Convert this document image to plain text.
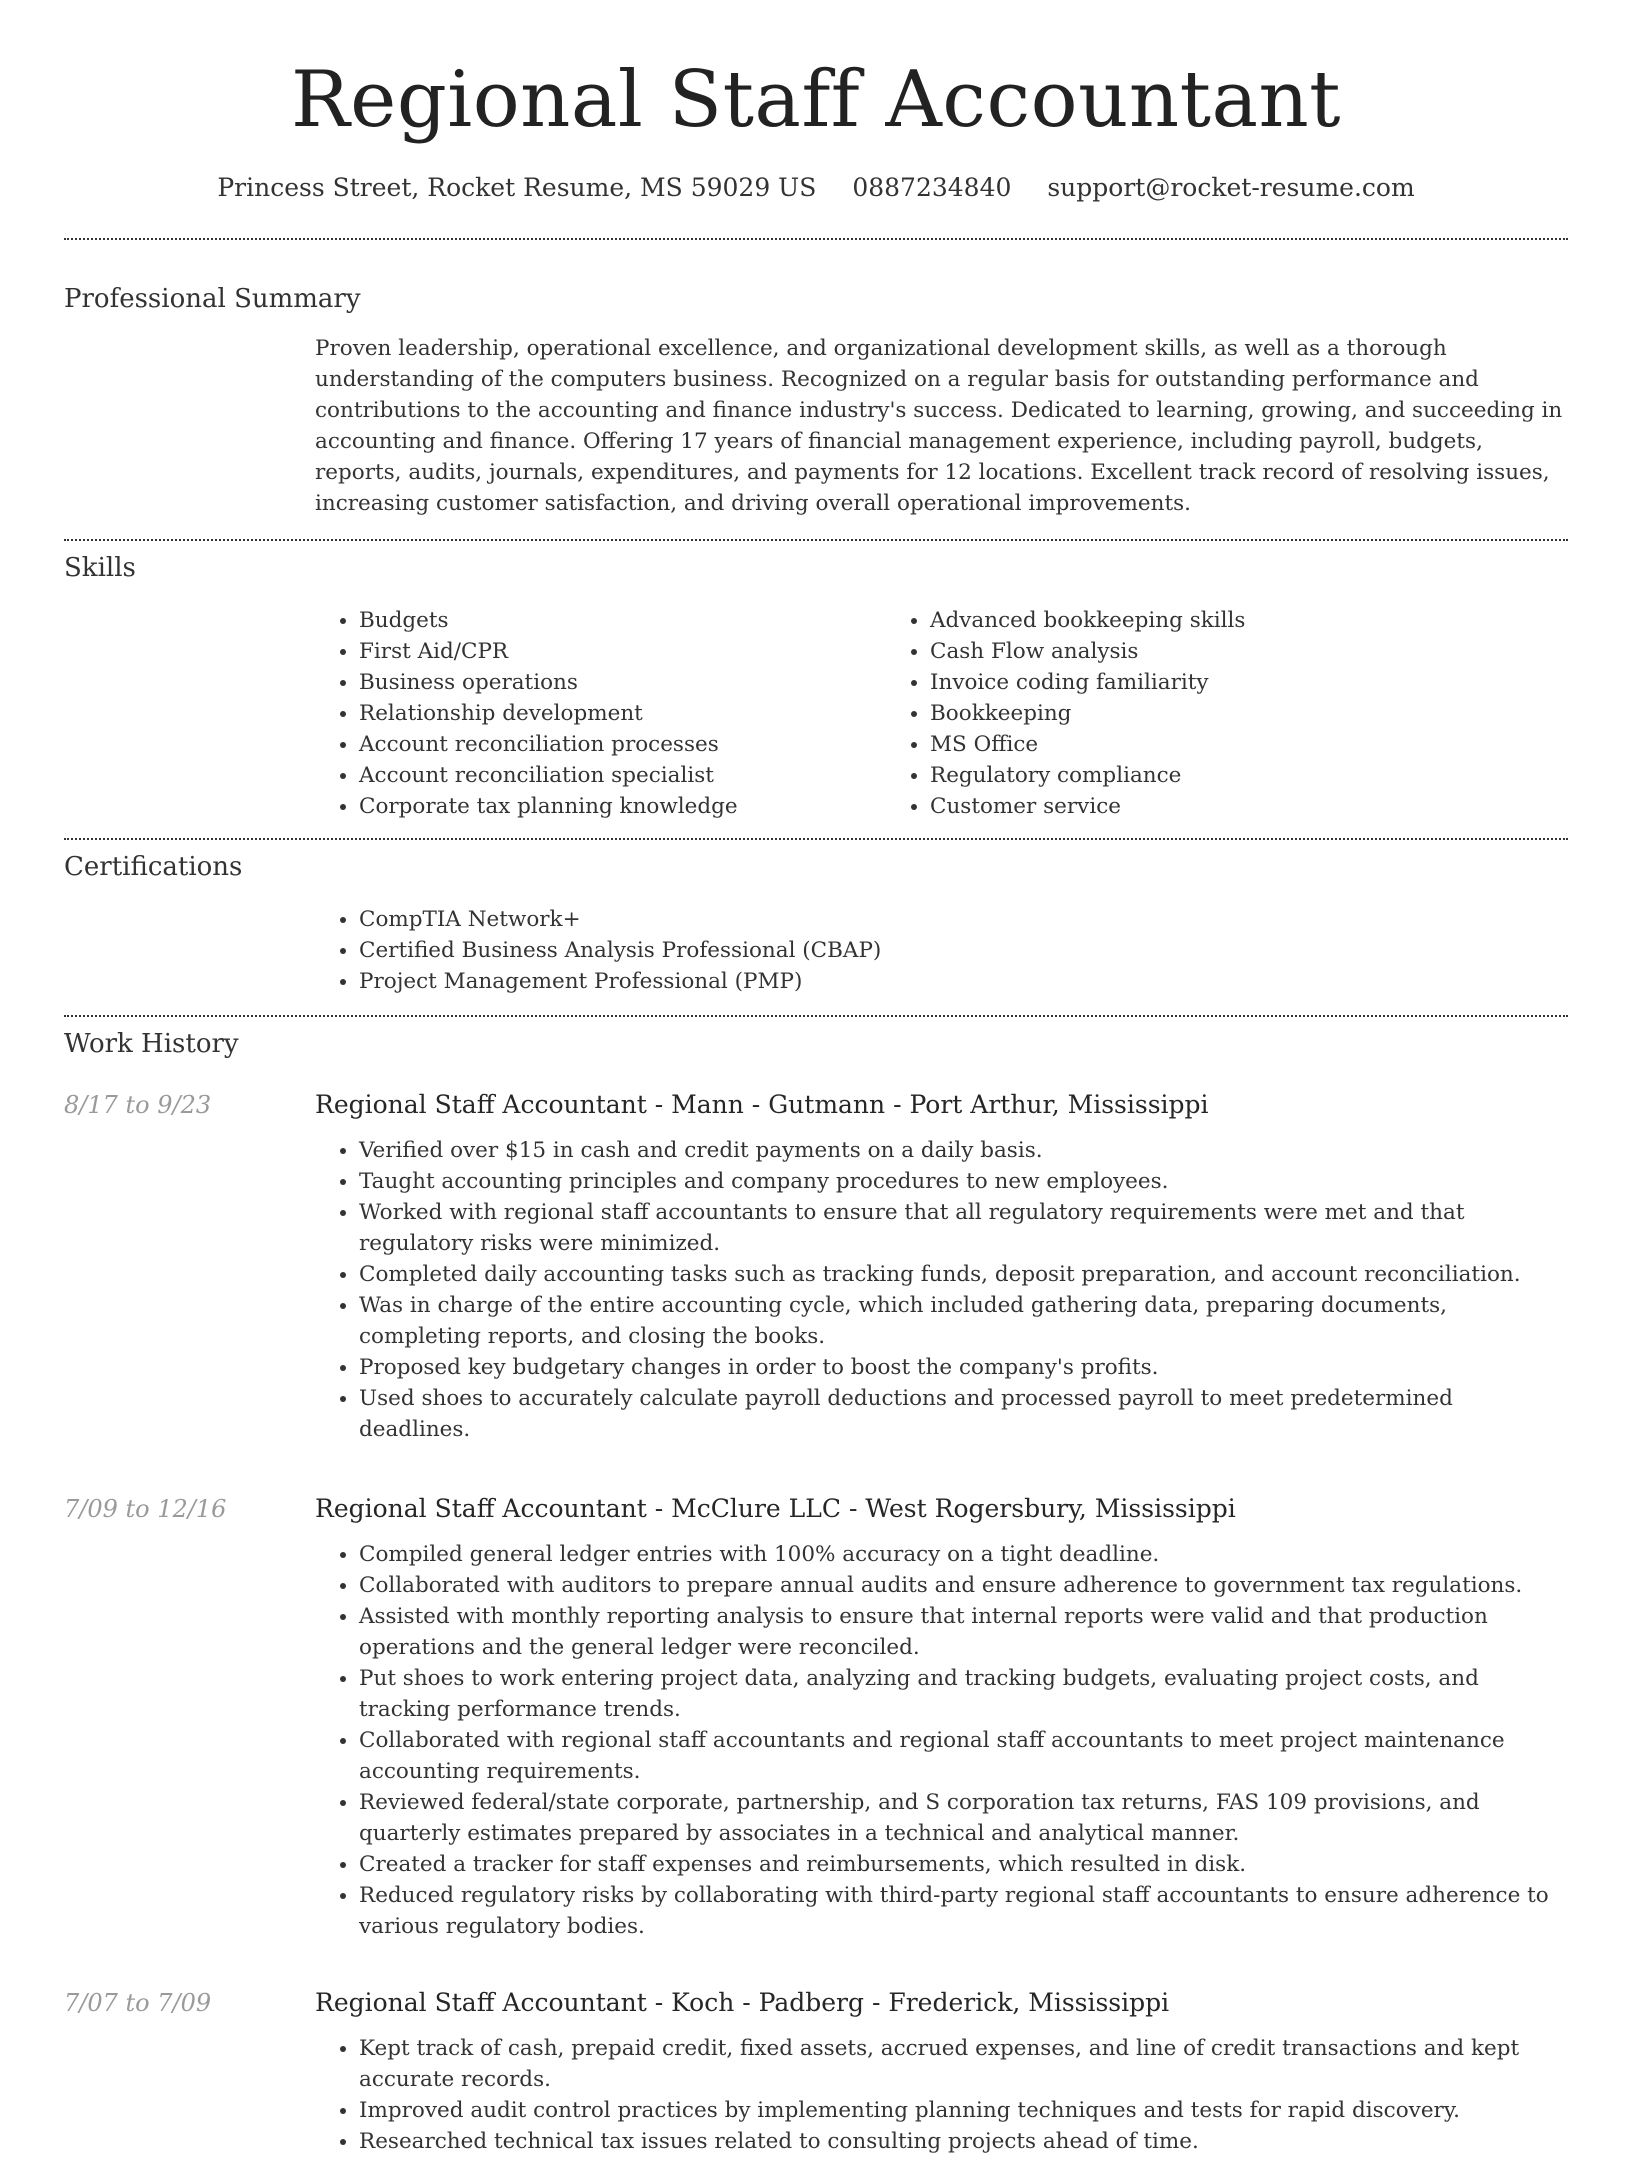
Regional Staff Accountant
Princess Street, Rocket Resume, MS 59029 US 0887234840 support@rocket-resume.com
Professional Summary
Proven leadership, operational excellence, and organizational development skills, as well as a thorough understanding of the computers business. Recognized on a regular basis for outstanding performance and contributions to the accounting and finance industry's success. Dedicated to learning, growing, and succeeding in accounting and finance. Offering 17 years of financial management experience, including payroll, budgets, reports, audits, journals, expenditures, and payments for 12 locations. Excellent track record of resolving issues, increasing customer satisfaction, and driving overall operational improvements.
Skills
• Budgets
• First Aid/CPR
• Business operations
• Relationship development
• Account reconciliation processes
• Account reconciliation specialist
• Corporate tax planning knowledge
• Advanced bookkeeping skills
• Cash Flow analysis
• Invoice coding familiarity
• Bookkeeping
• MS Office
• Regulatory compliance
• Customer service
Certifications
• CompTIA Network+
• Certified Business Analysis Professional (CBAP)
• Project Management Professional (PMP)
Work History
8/17 to 9/23	Regional Staff Accountant - Mann - Gutmann - Port Arthur, Mississippi
• Verified over $15 in cash and credit payments on a daily basis.
• Taught accounting principles and company procedures to new employees.
• Worked with regional staff accountants to ensure that all regulatory requirements were met and that regulatory risks were minimized.
• Completed daily accounting tasks such as tracking funds, deposit preparation, and account reconciliation.
• Was in charge of the entire accounting cycle, which included gathering data, preparing documents, completing reports, and closing the books.
• Proposed key budgetary changes in order to boost the company's profits.
• Used shoes to accurately calculate payroll deductions and processed payroll to meet predetermined deadlines.
7/09 to 12/16	Regional Staff Accountant - McClure LLC - West Rogersbury, Mississippi
• Compiled general ledger entries with 100% accuracy on a tight deadline.
• Collaborated with auditors to prepare annual audits and ensure adherence to government tax regulations.
• Assisted with monthly reporting analysis to ensure that internal reports were valid and that production operations and the general ledger were reconciled.
• Put shoes to work entering project data, analyzing and tracking budgets, evaluating project costs, and tracking performance trends.
• Collaborated with regional staff accountants and regional staff accountants to meet project maintenance accounting requirements.
• Reviewed federal/state corporate, partnership, and S corporation tax returns, FAS 109 provisions, and quarterly estimates prepared by associates in a technical and analytical manner.
• Created a tracker for staff expenses and reimbursements, which resulted in disk.
• Reduced regulatory risks by collaborating with third-party regional staff accountants to ensure adherence to various regulatory bodies.
7/07 to 7/09	Regional Staff Accountant - Koch - Padberg - Frederick, Mississippi
• Kept track of cash, prepaid credit, fixed assets, accrued expenses, and line of credit transactions and kept accurate records.
• Improved audit control practices by implementing planning techniques and tests for rapid discovery.
• Researched technical tax issues related to consulting projects ahead of time.
